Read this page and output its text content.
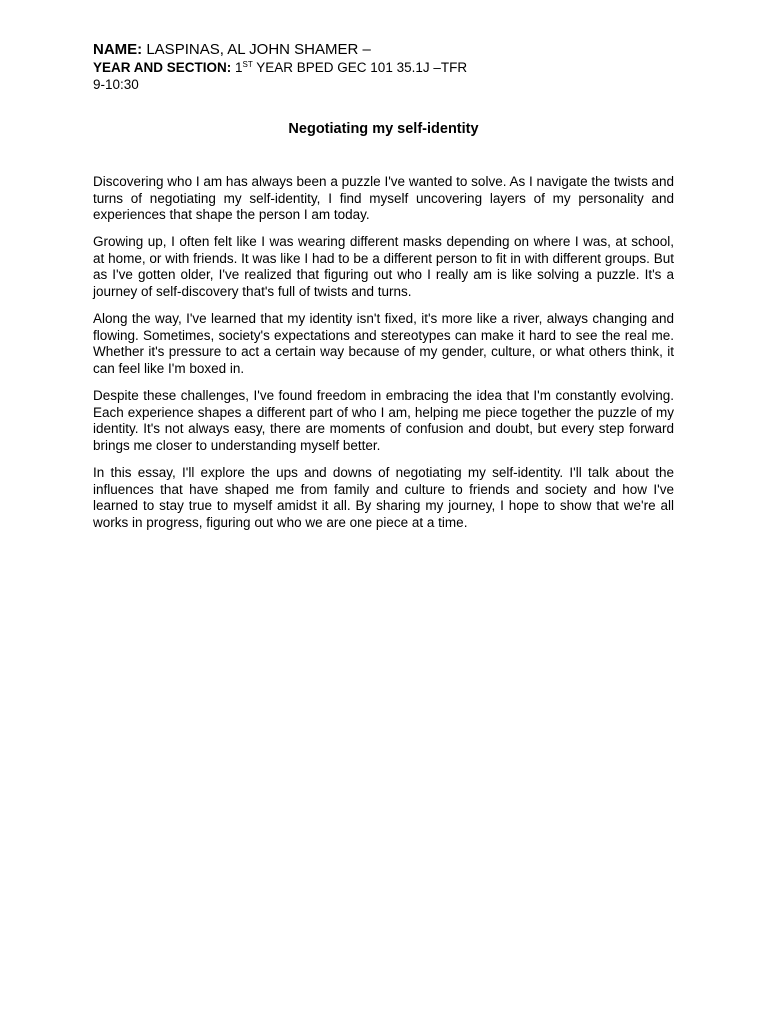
NAME: LASPINAS, AL JOHN SHAMER –

YEAR AND SECTION: 1ST YEAR BPED GEC 101 35.1J –TFR

9-10:30

Negotiating my self-identity

Discovering who I am has always been a puzzle I've wanted to solve. As I navigate the twists and turns of negotiating my self-identity, I find myself uncovering layers of my personality and experiences that shape the person I am today.

Growing up, I often felt like I was wearing different masks depending on where I was, at school, at home, or with friends. It was like I had to be a different person to fit in with different groups. But as I've gotten older, I've realized that figuring out who I really am is like solving a puzzle. It's a journey of self-discovery that's full of twists and turns.

Along the way, I've learned that my identity isn't fixed, it's more like a river, always changing and flowing. Sometimes, society's expectations and stereotypes can make it hard to see the real me. Whether it's pressure to act a certain way because of my gender, culture, or what others think, it can feel like I'm boxed in.

Despite these challenges, I've found freedom in embracing the idea that I'm constantly evolving. Each experience shapes a different part of who I am, helping me piece together the puzzle of my identity. It's not always easy, there are moments of confusion and doubt, but every step forward brings me closer to understanding myself better.

In this essay, I'll explore the ups and downs of negotiating my self-identity. I'll talk about the influences that have shaped me from family and culture to friends and society and how I've learned to stay true to myself amidst it all. By sharing my journey, I hope to show that we're all works in progress, figuring out who we are one piece at a time.
